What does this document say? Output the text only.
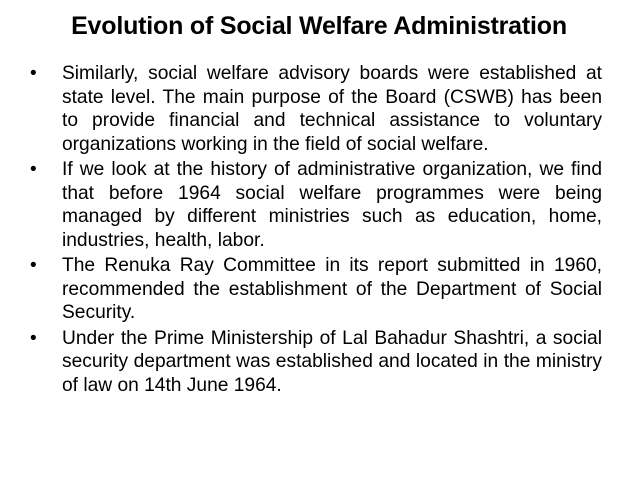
Evolution of Social Welfare Administration
•	Similarly, social welfare advisory boards were established at state level. The main purpose of the Board (CSWB) has been to provide financial and technical assistance to voluntary organizations working in the field of social welfare.
•	If we look at the history of administrative organization, we find that before 1964 social welfare programmes were being managed by different ministries such as education, home, industries, health, labor.
•	The Renuka Ray Committee in its report submitted in 1960, recommended the establishment of the Department of Social Security.
•	Under the Prime Ministership of Lal Bahadur Shashtri, a social security department was established and located in the ministry of law on 14th June 1964.
